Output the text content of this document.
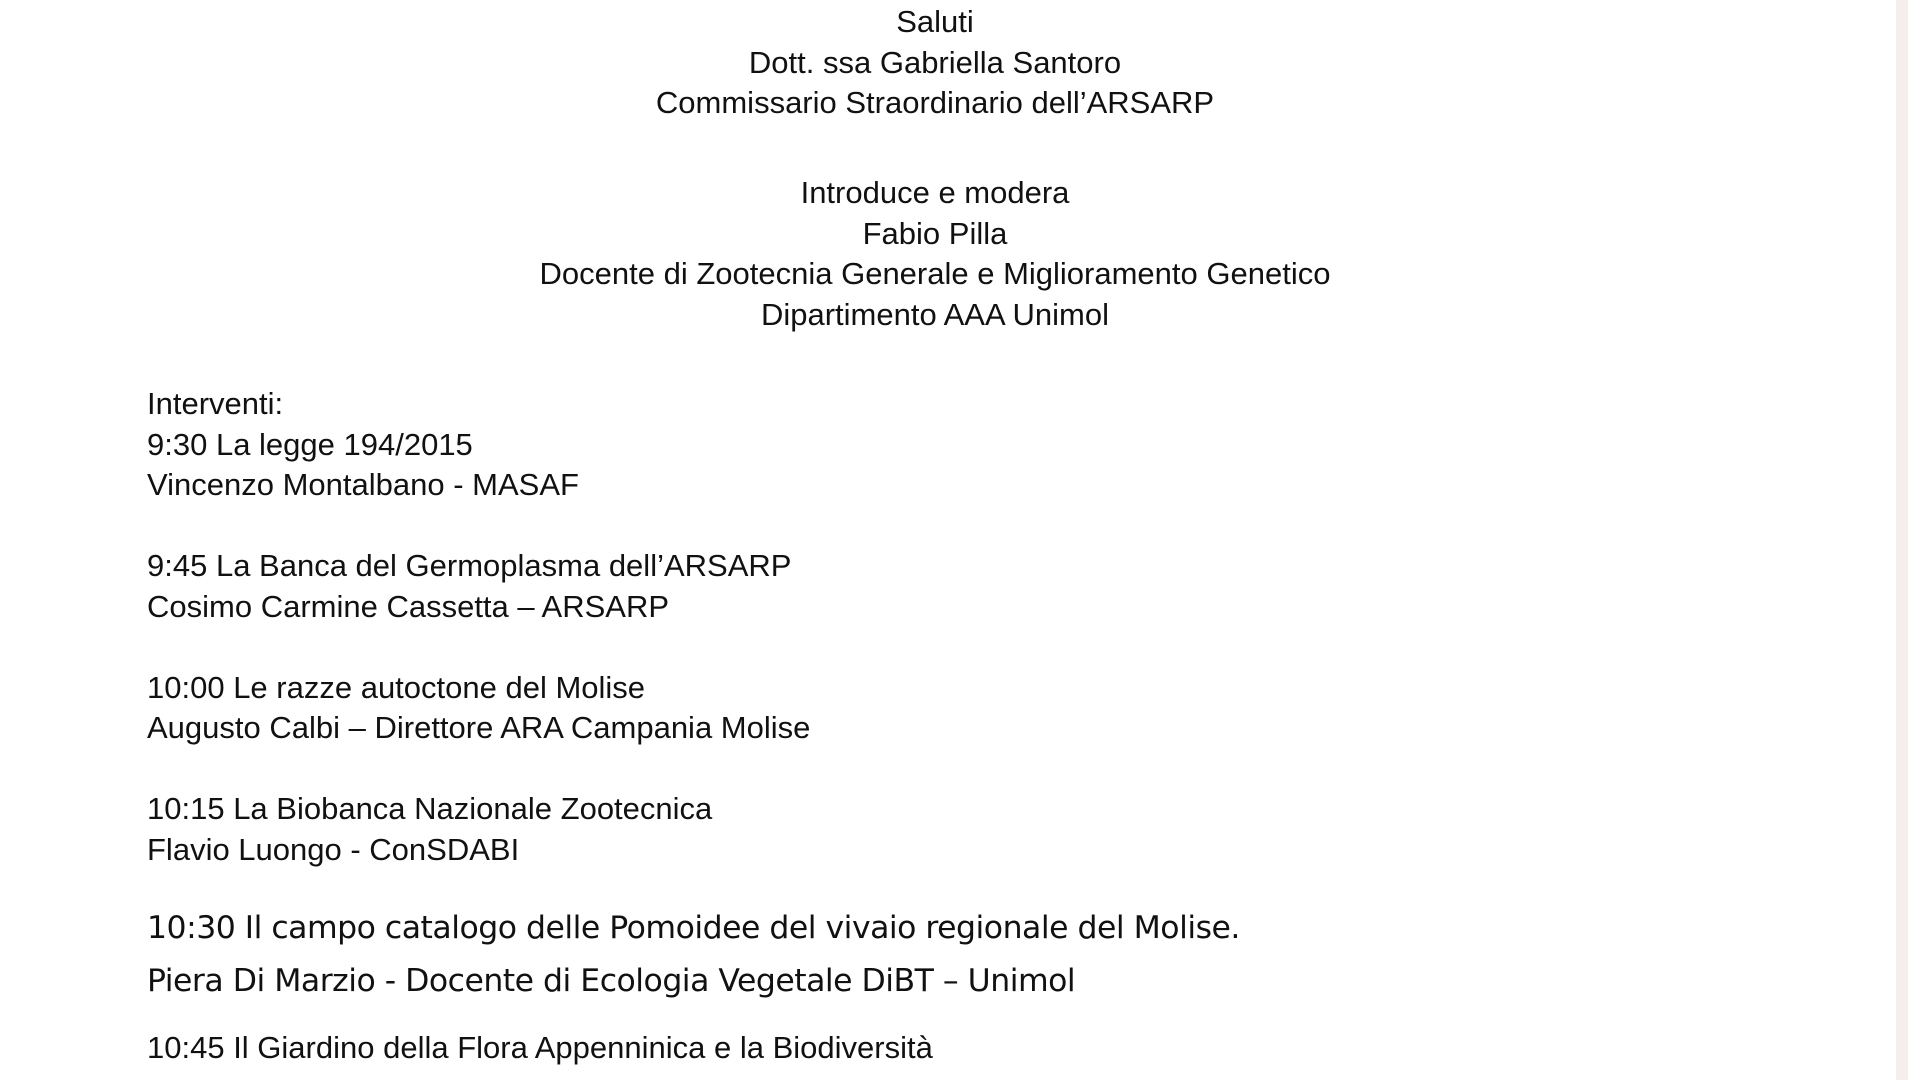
Saluti
Dott. ssa Gabriella Santoro
Commissario Straordinario dell’ARSARP
Introduce e modera
Fabio Pilla
Docente di Zootecnia Generale e Miglioramento Genetico
Dipartimento AAA Unimol
Interventi:
9:30 La legge 194/2015
Vincenzo Montalbano - MASAF
9:45 La Banca del Germoplasma dell’ARSARP
Cosimo Carmine Cassetta – ARSARP
10:00 Le razze autoctone del Molise
Augusto Calbi – Direttore ARA Campania Molise
10:15 La Biobanca Nazionale Zootecnica
Flavio Luongo - ConSDABI
10:30 Il campo catalogo delle Pomoidee del vivaio regionale del Molise.
Piera Di Marzio - Docente di Ecologia Vegetale DiBT – Unimol
10:45 Il Giardino della Flora Appenninica e la Biodiversità
